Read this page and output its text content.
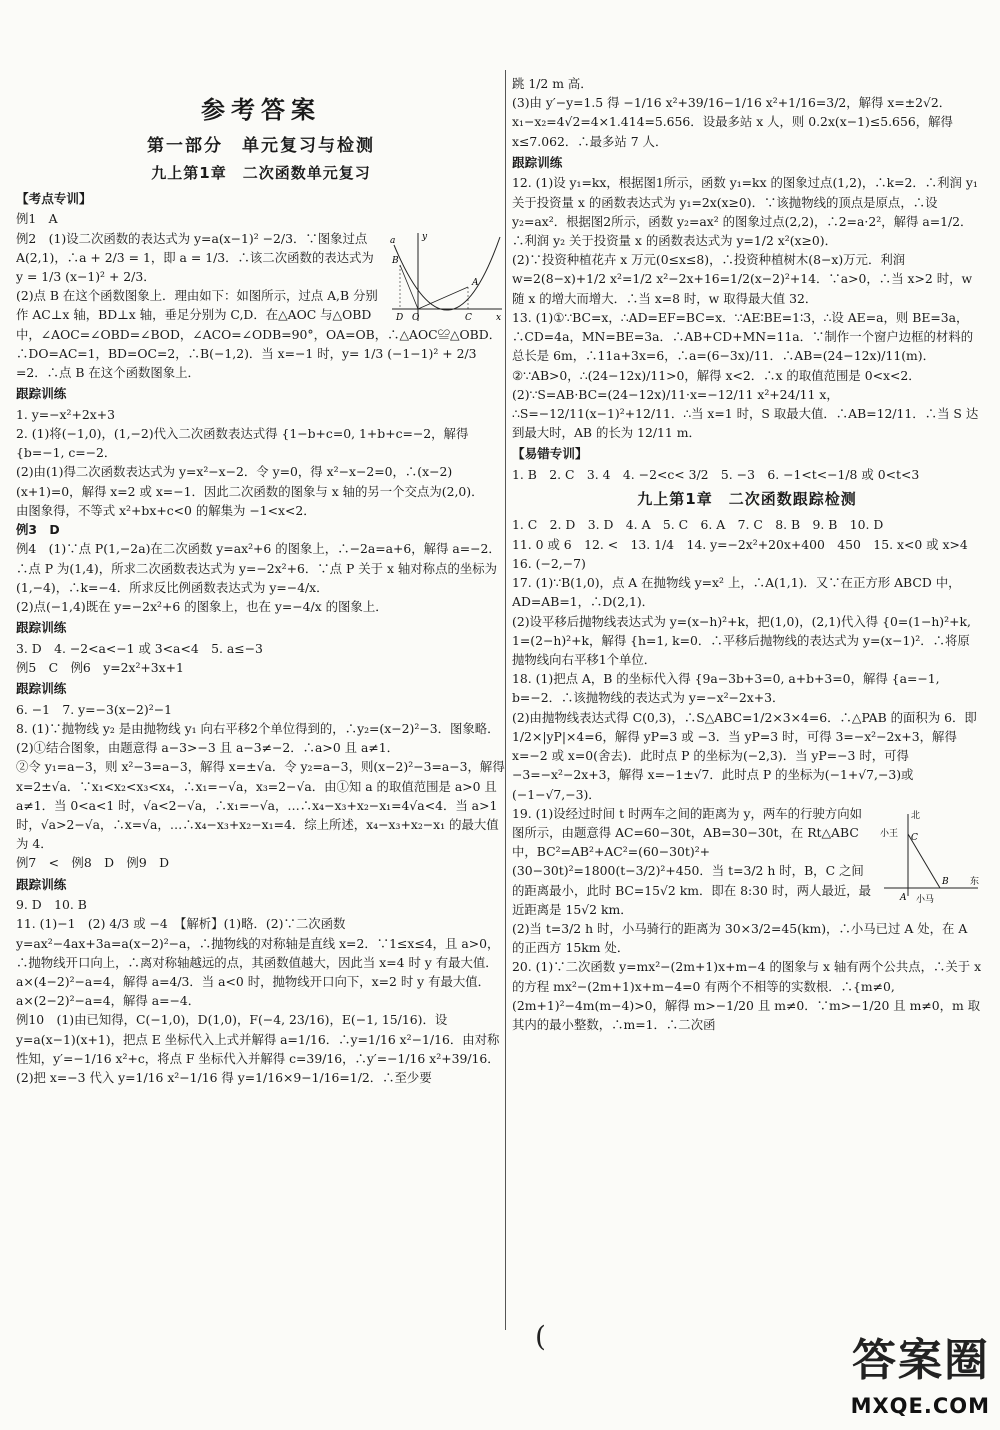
参考答案
第一部分　单元复习与检测
九上第1章　二次函数单元复习
【考点专训】

例1　A

y
a
B
A
D O	C	x

例2　(1)设二次函数的表达式为 y=a(x−1)² −2/3．∵图象过点 A(2,1)，∴a + 2/3 = 1，即 a = 1/3．∴该二次函数的表达式为 y = 1/3 (x−1)² + 2/3．

(2)点 B 在这个函数图象上．理由如下：如图所示，过点 A,B 分别作 AC⊥x 轴，BD⊥x 轴，垂足分别为 C,D．在△AOC 与△OBD 中，∠AOC=∠OBD=∠BOD，∠ACO=∠ODB=90°，OA=OB，∴△AOC≌△OBD．∴DO=AC=1，BD=OC=2，∴B(−1,2)．当 x=−1 时，y= 1/3 (−1−1)² + 2/3 =2．∴点 B 在这个函数图象上．

跟踪训练

1. y=−x²+2x+3

2. (1)将(−1,0)，(1,−2)代入二次函数表达式得 {1−b+c=0, 1+b+c=−2，解得 {b=−1, c=−2．

(2)由(1)得二次函数表达式为 y=x²−x−2．令 y=0，得 x²−x−2=0，∴(x−2)(x+1)=0，解得 x=2 或 x=−1．因此二次函数的图象与 x 轴的另一个交点为(2,0)．

由图象得，不等式 x²+bx+c<0 的解集为 −1<x<2．

例3　D

例4　(1)∵点 P(1,−2a)在二次函数 y=ax²+6 的图象上，∴−2a=a+6，解得 a=−2．∴点 P 为(1,4)，所求二次函数表达式为 y=−2x²+6．∵点 P 关于 x 轴对称点的坐标为(1,−4)，∴k=−4．所求反比例函数表达式为 y=−4/x．

(2)点(−1,4)既在 y=−2x²+6 的图象上，也在 y=−4/x 的图象上．

跟踪训练

3. D　4. −2<a<−1 或 3<a<4　5. a≤−3

例5　C　例6　y=2x²+3x+1

跟踪训练

6. −1　7. y=−3(x−2)²−1

8. (1)∵抛物线 y₂ 是由抛物线 y₁ 向右平移2个单位得到的，∴y₂=(x−2)²−3．图象略．

(2)①结合图象，由题意得 a−3>−3 且 a−3≠−2．∴a>0 且 a≠1．

②令 y₁=a−3，则 x²−3=a−3，解得 x=±√a．令 y₂=a−3，则(x−2)²−3=a−3，解得 x=2±√a．∵x₁<x₂<x₃<x₄，∴x₁=−√a，x₃=2−√a．由①知 a 的取值范围是 a>0 且 a≠1．当 0<a<1 时，√a<2−√a，∴x₁=−√a，…∴x₄−x₃+x₂−x₁=4√a<4．当 a>1 时，√a>2−√a，∴x=√a，…∴x₄−x₃+x₂−x₁=4．综上所述，x₄−x₃+x₂−x₁ 的最大值为 4．

例7　<　例8　D　例9　D

跟踪训练

9. D　10. B

11. (1)−1　(2) 4/3 或 −4　【解析】(1)略．(2)∵二次函数 y=ax²−4ax+3a=a(x−2)²−a，∴抛物线的对称轴是直线 x=2．∵1≤x≤4，且 a>0，∴抛物线开口向上，∴离对称轴越远的点，其函数值越大，因此当 x=4 时 y 有最大值．a×(4−2)²−a=4，解得 a=4/3．当 a<0 时，抛物线开口向下，x=2 时 y 有最大值．a×(2−2)²−a=4，解得 a=−4．

例10　(1)由已知得，C(−1,0)，D(1,0)，F(−4, 23/16)，E(−1, 15/16)．设 y=a(x−1)(x+1)，把点 E 坐标代入上式并解得 a=1/16．∴y=1/16 x²−1/16．由对称性知，y′=−1/16 x²+c，将点 F 坐标代入并解得 c=39/16，∴y′=−1/16 x²+39/16．

(2)把 x=−3 代入 y=1/16 x²−1/16 得 y=1/16×9−1/16=1/2．∴至少要

跳 1/2 m 高．

(3)由 y′−y=1.5 得 −1/16 x²+39/16−1/16 x²+1/16=3/2，解得 x=±2√2．x₁−x₂=4√2=4×1.414=5.656．设最多站 x 人，则 0.2x(x−1)≤5.656，解得 x≤7.062．∴最多站 7 人．

跟踪训练

12. (1)设 y₁=kx，根据图1所示，函数 y₁=kx 的图象过点(1,2)，∴k=2．∴利润 y₁ 关于投资量 x 的函数表达式为 y₁=2x(x≥0)．∵该抛物线的顶点是原点，∴设 y₂=ax²．根据图2所示，函数 y₂=ax² 的图象过点(2,2)，∴2=a·2²，解得 a=1/2．∴利润 y₂ 关于投资量 x 的函数表达式为 y=1/2 x²(x≥0)．

(2)∵投资种植花卉 x 万元(0≤x≤8)，∴投资种植树木(8−x)万元．利润 w=2(8−x)+1/2 x²=1/2 x²−2x+16=1/2(x−2)²+14．∵a>0，∴当 x>2 时，w 随 x 的增大而增大．∴当 x=8 时，w 取得最大值 32．

13. (1)①∵BC=x，∴AD=EF=BC=x．∵AE∶BE=1∶3，∴设 AE=a，则 BE=3a，∴CD=4a，MN=BE=3a．∴AB+CD+MN=11a．∵制作一个窗户边框的材料的总长是 6m，∴11a+3x=6，∴a=(6−3x)/11．∴AB=(24−12x)/11(m)．

②∵AB>0，∴(24−12x)/11>0，解得 x<2．∴x 的取值范围是 0<x<2．

(2)∵S=AB·BC=(24−12x)/11·x=−12/11 x²+24/11 x，∴S=−12/11(x−1)²+12/11．∴当 x=1 时，S 取最大值．∴AB=12/11．∴当 S 达到最大时，AB 的长为 12/11 m．

【易错专训】

1. B　2. C　3. 4　4. −2<c< 3/2　5. −3　6. −1<t<−1/8 或 0<t<3

九上第1章　二次函数跟踪检测

1. C　2. D　3. D　4. A　5. C　6. A　7. C　8. B　9. B　10. D

11. 0 或 6　12. <　13. 1/4　14. y=−2x²+20x+400　450　15. x<0 或 x>4　16. (−2,−7)

17. (1)∵B(1,0)，点 A 在抛物线 y=x² 上，∴A(1,1)．又∵在正方形 ABCD 中，AD=AB=1，∴D(2,1)．

(2)设平移后抛物线表达式为 y=(x−h)²+k，把(1,0)，(2,1)代入得 {0=(1−h)²+k, 1=(2−h)²+k，解得 {h=1, k=0．∴平移后抛物线的表达式为 y=(x−1)²．∴将原抛物线向右平移1个单位．

18. (1)把点 A，B 的坐标代入得 {9a−3b+3=0, a+b+3=0，解得 {a=−1, b=−2．∴该抛物线的表达式为 y=−x²−2x+3．

(2)由抛物线表达式得 C(0,3)，∴S△ABC=1/2×3×4=6．∴△PAB 的面积为 6．即 1/2×|yP|×4=6，解得 yP=3 或 −3．当 yP=3 时，可得 3=−x²−2x+3，解得 x=−2 或 x=0(舍去)．此时点 P 的坐标为(−2,3)．当 yP=−3 时，可得 −3=−x²−2x+3，解得 x=−1±√7．此时点 P 的坐标为(−1+√7,−3)或(−1−√7,−3)．

北
小王 C
A
B
小马
东

19. (1)设经过时间 t 时两车之间的距离为 y，两车的行驶方向如图所示，由题意得 AC=60−30t，AB=30−30t，在 Rt△ABC 中，BC²=AB²+AC²=(60−30t)²+(30−30t)²=1800(t−3/2)²+450．当 t=3/2 h 时，B，C 之间的距离最小，此时 BC=15√2 km．即在 8:30 时，两人最近，最近距离是 15√2 km．

(2)当 t=3/2 h 时，小马骑行的距离为 30×3/2=45(km)，∴小马已过 A 处，在 A 的正西方 15km 处．

20. (1)∵二次函数 y=mx²−(2m+1)x+m−4 的图象与 x 轴有两个公共点，∴关于 x 的方程 mx²−(2m+1)x+m−4=0 有两个不相等的实数根．∴{m≠0, (2m+1)²−4m(m−4)>0，解得 m>−1/20 且 m≠0．∵m>−1/20 且 m≠0，m 取其内的最小整数，∴m=1．∴二次函

(	答案圈
MXQE.COM
